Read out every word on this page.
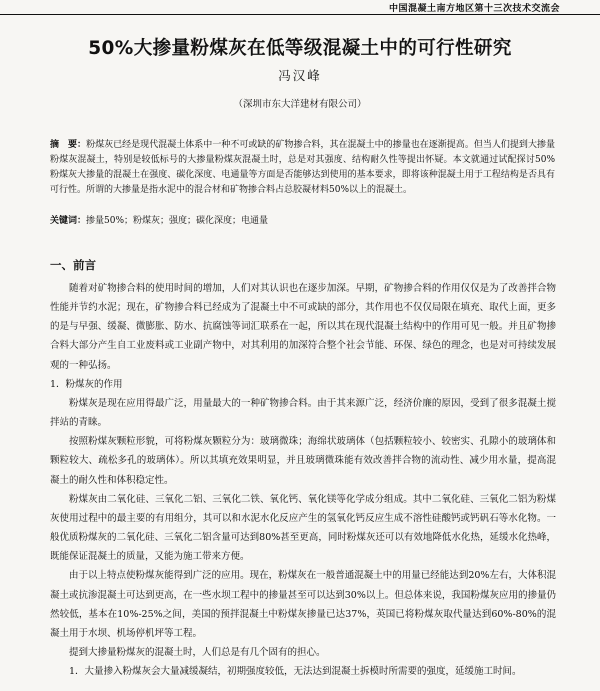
中国混凝土南方地区第十三次技术交流会
50%大掺量粉煤灰在低等级混凝土中的可行性研究
冯汉峰
（深圳市东大洋建材有限公司）
摘　要：粉煤灰已经是现代混凝土体系中一种不可或缺的矿物掺合料，其在混凝土中的掺量也在逐渐提高。但当人们提到大掺量粉煤灰混凝土，特别是较低标号的大掺量粉煤灰混凝土时，总是对其强度、结构耐久性等提出怀疑。本文就通过试配探讨50%粉煤灰大掺量的混凝土在强度、碳化深度、电通量等方面是否能够达到使用的基本要求，即将该种混凝土用于工程结构是否具有可行性。所谓的大掺量是指水泥中的混合材和矿物掺合料占总胶凝材料50%以上的混凝土。
关键词：掺量50%；粉煤灰；强度；碳化深度；电通量
一、前言

随着对矿物掺合料的使用时间的增加，人们对其认识也在逐步加深。早期，矿物掺合料的作用仅仅是为了改善拌合物性能并节约水泥；现在，矿物掺合料已经成为了混凝土中不可或缺的部分，其作用也不仅仅局限在填充、取代上面，更多的是与早强、缓凝、微膨胀、防水、抗腐蚀等词汇联系在一起，所以其在现代混凝土结构中的作用可见一般。并且矿物掺合料大部分产生自工业废料或工业副产物中，对其利用的加深符合整个社会节能、环保、绿色的理念，也是对可持续发展观的一种弘扬。

1．粉煤灰的作用

粉煤灰是现在应用得最广泛，用量最大的一种矿物掺合料。由于其来源广泛，经济价廉的原因，受到了很多混凝土搅拌站的青睐。

按照粉煤灰颗粒形貌，可将粉煤灰颗粒分为：玻璃微珠；海绵状玻璃体（包括颗粒较小、较密实、孔隙小的玻璃体和颗粒较大、疏松多孔的玻璃体）。所以其填充效果明显，并且玻璃微珠能有效改善拌合物的流动性、减少用水量，提高混凝土的耐久性和体积稳定性。

粉煤灰由二氧化硅、三氧化二铝、三氧化二铁、氧化钙、氧化镁等化学成分组成。其中二氧化硅、三氧化二铝为粉煤灰使用过程中的最主要的有用组分，其可以和水泥水化反应产生的氢氧化钙反应生成不溶性硅酸钙或钙矾石等水化物。一般优质粉煤灰的二氧化硅、三氧化二铝含量可达到80%甚至更高，同时粉煤灰还可以有效地降低水化热，延缓水化热峰，既能保证混凝土的质量，又能为施工带来方便。

由于以上特点使粉煤灰能得到广泛的应用。现在，粉煤灰在一般普通混凝土中的用量已经能达到20%左右，大体积混凝土或抗渗混凝土可达到更高，在一些水坝工程中的掺量甚至可以达到30%以上。但总体来说，我国粉煤灰应用的掺量仍然较低，基本在10%-25%之间，美国的预拌混凝土中粉煤灰掺量已达37%，英国已将粉煤灰取代量达到60%-80%的混凝土用于水坝、机场停机坪等工程。

提到大掺量粉煤灰的混凝土时，人们总是有几个固有的担心。

1．大量掺入粉煤灰会大量减缓凝结，初期强度较低，无法达到混凝土拆模时所需要的强度，延缓施工时间。
